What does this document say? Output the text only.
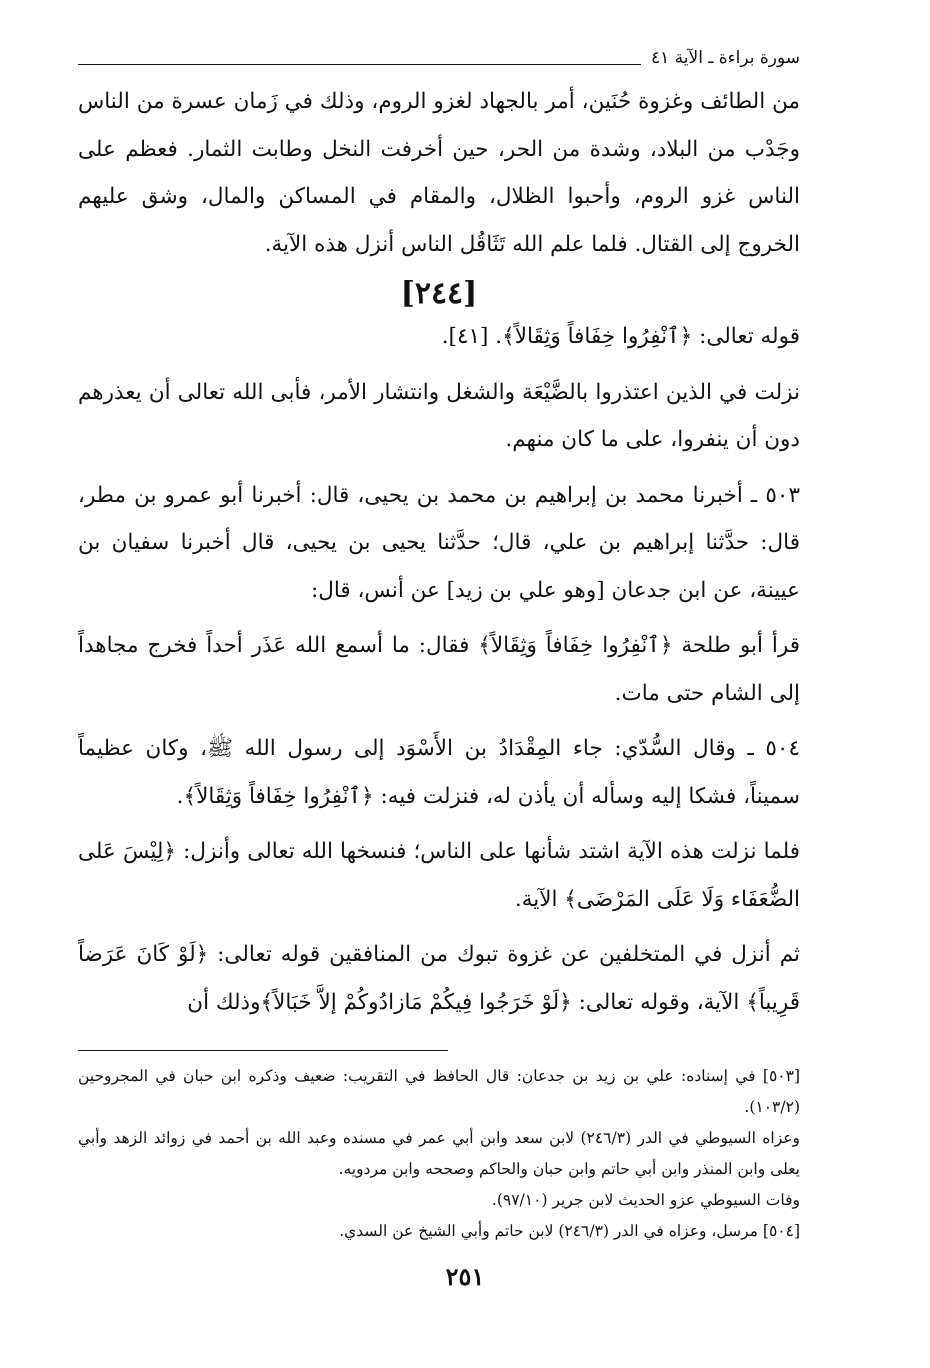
سورة براءة ـ الآية ٤١

من الطائف وغزوة حُنَين، أمر بالجهاد لغزو الروم، وذلك في زَمان عسرة من الناس وجَدْب من البلاد، وشدة من الحر، حين أخرفت النخل وطابت الثمار. فعظم على الناس غزو الروم، وأحبوا الظلال، والمقام في المساكن والمال، وشق عليهم الخروج إلى القتال. فلما علم الله تَثَاقُل الناس أنزل هذه الآية.

[٢٤٤]

قوله تعالى: ﴿ٱنْفِرُوا خِفَافاً وَثِقَالاً﴾. [٤١].

نزلت في الذين اعتذروا بالضَّيْعَة والشغل وانتشار الأمر، فأبى الله تعالى أن يعذرهم دون أن ينفروا، على ما كان منهم.

٥٠٣ ـ أخبرنا محمد بن إبراهيم بن محمد بن يحيى، قال: أخبرنا أبو عمرو بن مطر، قال: حدَّثنا إبراهيم بن علي، قال؛ حدَّثنا يحيى بن يحيى، قال أخبرنا سفيان بن عيينة، عن ابن جدعان [وهو علي بن زيد] عن أنس، قال:

قرأ أبو طلحة ﴿ٱنْفِرُوا خِفَافاً وَثِقَالاً﴾ فقال: ما أسمع الله عَذَر أحداً فخرج مجاهداً إلى الشام حتى مات.

٥٠٤ ـ وقال السُّدّي: جاء المِقْدَادُ بن الأَسْوَد إلى رسول الله ﷺ، وكان عظيماً سميناً، فشكا إليه وسأله أن يأذن له، فنزلت فيه: ﴿ٱنْفِرُوا خِفَافاً وَثِقَالاً﴾.

فلما نزلت هذه الآية اشتد شأنها على الناس؛ فنسخها الله تعالى وأنزل: ﴿لِيْسَ عَلى الضُّعَفَاء وَلَا عَلَى المَرْضَى﴾ الآية.

ثم أنزل في المتخلفين عن غزوة تبوك من المنافقين قوله تعالى: ﴿لَوْ كَانَ عَرَضاً قَرِيباً﴾ الآية، وقوله تعالى: ﴿لَوْ خَرَجُوا فِيكُمْ مَازادُوكُمْ إلاَّ خَبَالاً﴾وذلك أن

[٥٠٣] في إسناده: علي بن زيد بن جدعان: قال الحافظ في التقريب: ضعيف وذكره ابن حبان في المجروحين (١٠٣/٢).

وعزاه السيوطي في الدر (٢٤٦/٣) لابن سعد وابن أبي عمر في مسنده وعبد الله بن أحمد في زوائد الزهد وأبي يعلى وابن المنذر وابن أبي حاتم وابن حبان والحاكم وصححه وابن مردويه.

وفات السيوطي عزو الحديث لابن جرير (٩٧/١٠).

[٥٠٤] مرسل، وعزاه في الدر (٢٤٦/٣) لابن حاتم وأبي الشيخ عن السدي.

٢٥١
